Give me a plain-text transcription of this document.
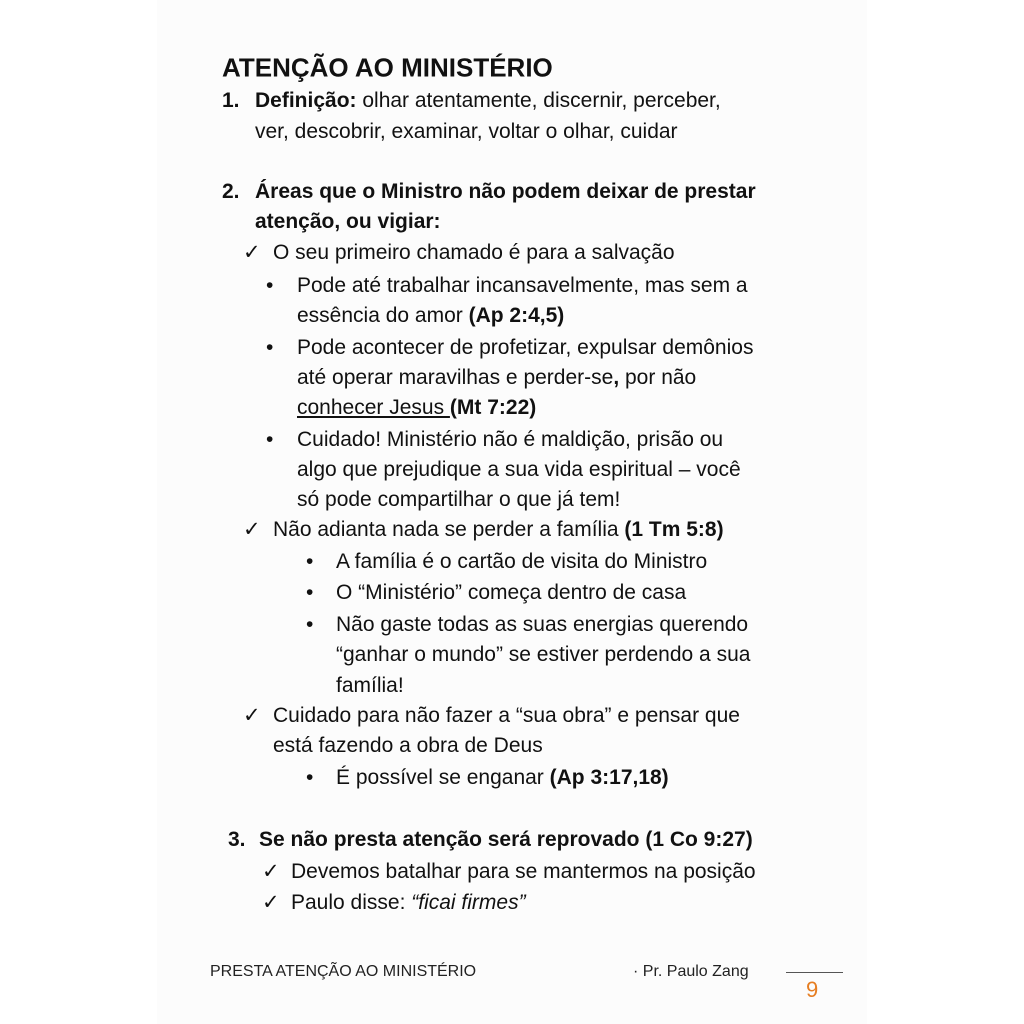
ATENÇÃO AO MINISTÉRIO
1. Definição: olhar atentamente, discernir, perceber,
ver, descobrir, examinar, voltar o olhar, cuidar
2. Áreas que o Ministro não podem deixar de prestar
atenção, ou vigiar:
✓ O seu primeiro chamado é para a salvação
• Pode até trabalhar incansavelmente, mas sem a
essência do amor (Ap 2:4,5)
• Pode acontecer de profetizar, expulsar demônios
até operar maravilhas e perder-se, por não
conhecer Jesus (Mt 7:22)
• Cuidado! Ministério não é maldição, prisão ou
algo que prejudique a sua vida espiritual – você
só pode compartilhar o que já tem!
✓ Não adianta nada se perder a família (1 Tm 5:8)
• A família é o cartão de visita do Ministro
• O “Ministério” começa dentro de casa
• Não gaste todas as suas energias querendo
“ganhar o mundo” se estiver perdendo a sua
família!
✓ Cuidado para não fazer a “sua obra” e pensar que
está fazendo a obra de Deus
• É possível se enganar (Ap 3:17,18)
3. Se não presta atenção será reprovado (1 Co 9:27)
✓ Devemos batalhar para se mantermos na posição
✓ Paulo disse: “ficai firmes”
PRESTA ATENÇÃO AO MINISTÉRIO	· Pr. Paulo Zang
9
